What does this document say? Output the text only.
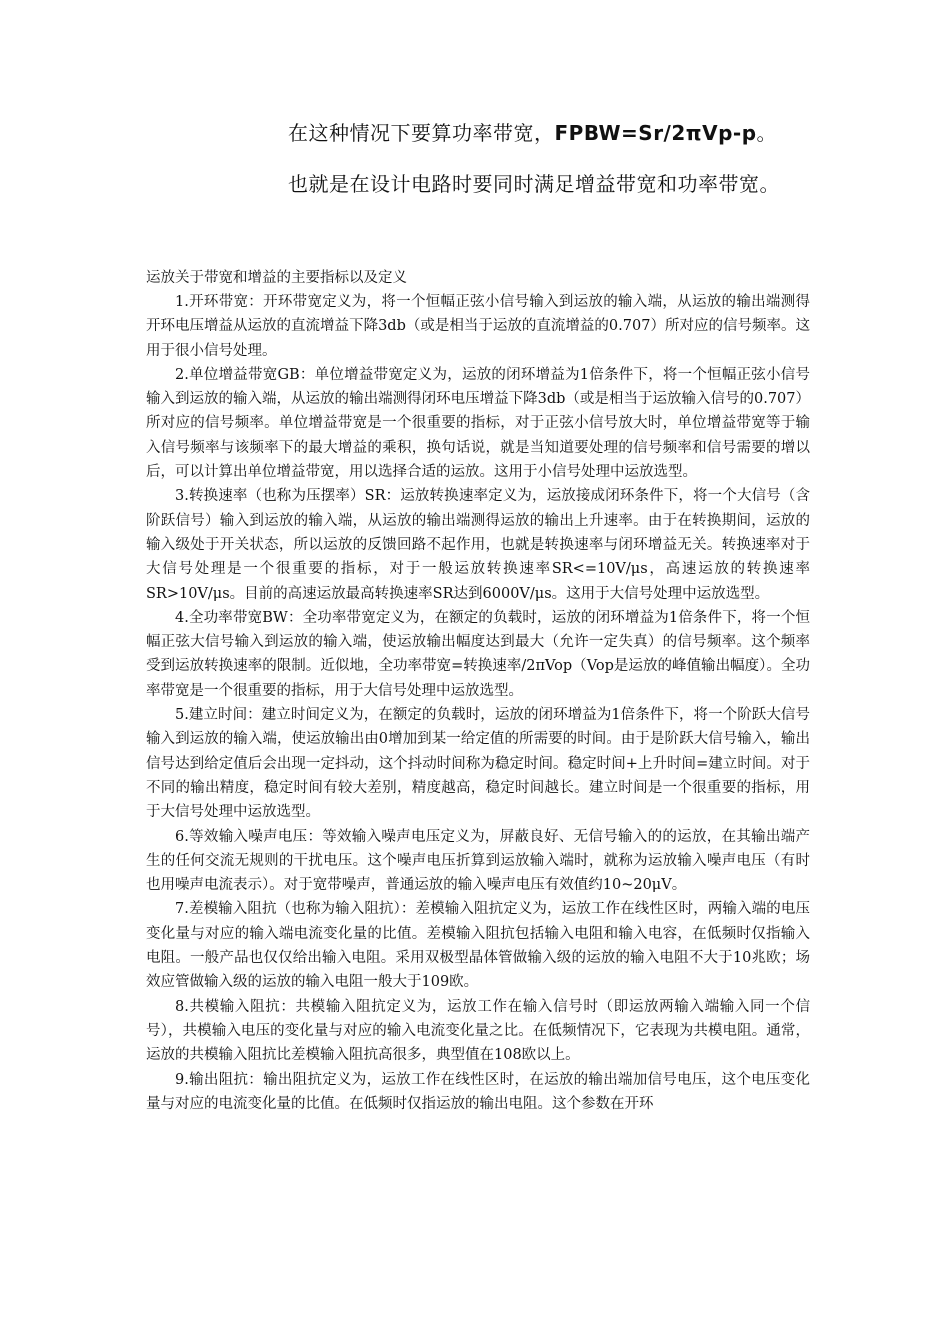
在这种情况下要算功率带宽，FPBW=Sr/2πVp-p。
也就是在设计电路时要同时满足增益带宽和功率带宽。
运放关于带宽和增益的主要指标以及定义

1.开环带宽：开环带宽定义为，将一个恒幅正弦小信号输入到运放的输入端，从运放的输出端测得开环电压增益从运放的直流增益下降3db（或是相当于运放的直流增益的0.707）所对应的信号频率。这用于很小信号处理。

2.单位增益带宽GB：单位增益带宽定义为，运放的闭环增益为1倍条件下，将一个恒幅正弦小信号输入到运放的输入端，从运放的输出端测得闭环电压增益下降3db（或是相当于运放输入信号的0.707）所对应的信号频率。单位增益带宽是一个很重要的指标，对于正弦小信号放大时，单位增益带宽等于输入信号频率与该频率下的最大增益的乘积，换句话说，就是当知道要处理的信号频率和信号需要的增以后，可以计算出单位增益带宽，用以选择合适的运放。这用于小信号处理中运放选型。

3.转换速率（也称为压摆率）SR：运放转换速率定义为，运放接成闭环条件下，将一个大信号（含阶跃信号）输入到运放的输入端，从运放的输出端测得运放的输出上升速率。由于在转换期间，运放的输入级处于开关状态，所以运放的反馈回路不起作用，也就是转换速率与闭环增益无关。转换速率对于大信号处理是一个很重要的指标，对于一般运放转换速率SR<=10V/μs，高速运放的转换速率SR>10V/μs。目前的高速运放最高转换速率SR达到6000V/μs。这用于大信号处理中运放选型。

4.全功率带宽BW：全功率带宽定义为，在额定的负载时，运放的闭环增益为1倍条件下，将一个恒幅正弦大信号输入到运放的输入端，使运放输出幅度达到最大（允许一定失真）的信号频率。这个频率受到运放转换速率的限制。近似地，全功率带宽=转换速率/2πVop（Vop是运放的峰值输出幅度）。全功率带宽是一个很重要的指标，用于大信号处理中运放选型。

5.建立时间：建立时间定义为，在额定的负载时，运放的闭环增益为1倍条件下，将一个阶跃大信号输入到运放的输入端，使运放输出由0增加到某一给定值的所需要的时间。由于是阶跃大信号输入，输出信号达到给定值后会出现一定抖动，这个抖动时间称为稳定时间。稳定时间+上升时间=建立时间。对于不同的输出精度，稳定时间有较大差别，精度越高，稳定时间越长。建立时间是一个很重要的指标，用于大信号处理中运放选型。

6.等效输入噪声电压：等效输入噪声电压定义为，屏蔽良好、无信号输入的的运放，在其输出端产生的任何交流无规则的干扰电压。这个噪声电压折算到运放输入端时，就称为运放输入噪声电压（有时也用噪声电流表示）。对于宽带噪声，普通运放的输入噪声电压有效值约10~20μV。

7.差模输入阻抗（也称为输入阻抗）：差模输入阻抗定义为，运放工作在线性区时，两输入端的电压变化量与对应的输入端电流变化量的比值。差模输入阻抗包括输入电阻和输入电容，在低频时仅指输入电阻。一般产品也仅仅给出输入电阻。采用双极型晶体管做输入级的运放的输入电阻不大于10兆欧；场效应管做输入级的运放的输入电阻一般大于109欧。

8.共模输入阻抗：共模输入阻抗定义为，运放工作在输入信号时（即运放两输入端输入同一个信号），共模输入电压的变化量与对应的输入电流变化量之比。在低频情况下，它表现为共模电阻。通常，运放的共模输入阻抗比差模输入阻抗高很多，典型值在108欧以上。

9.输出阻抗：输出阻抗定义为，运放工作在线性区时，在运放的输出端加信号电压，这个电压变化量与对应的电流变化量的比值。在低频时仅指运放的输出电阻。这个参数在开环
